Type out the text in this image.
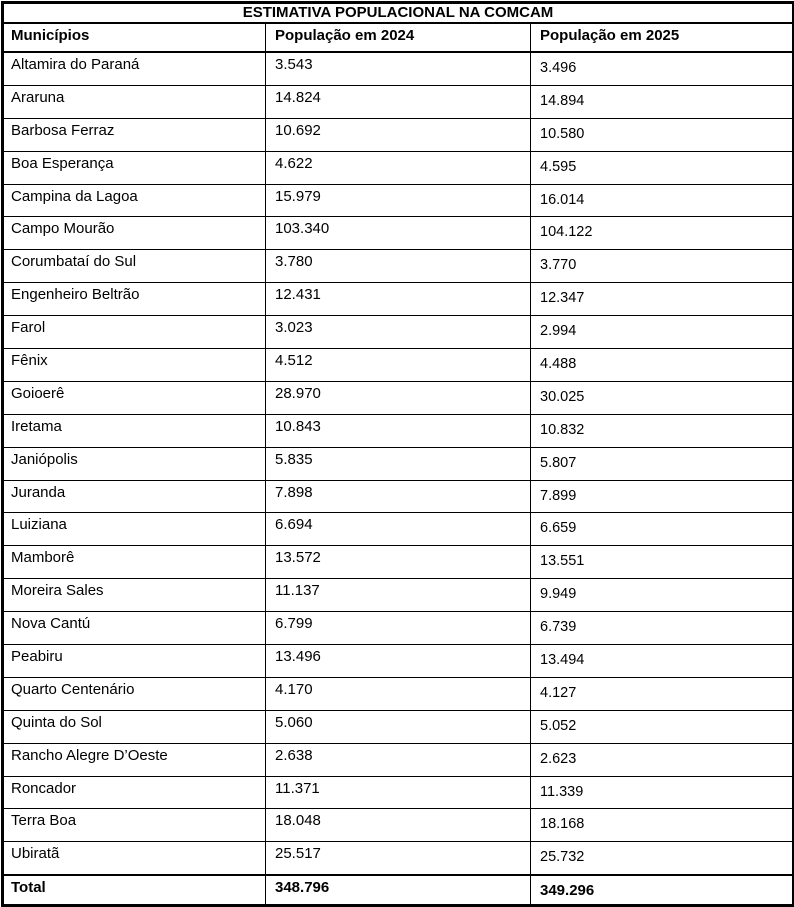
ESTIMATIVA POPULACIONAL NA COMCAM		
Municípios	População em 2024	População em 2025
Altamira do Paraná	3.543	3.496
Araruna	14.824	14.894
Barbosa Ferraz	10.692	10.580
Boa Esperança	4.622	4.595
Campina da Lagoa	15.979	16.014
Campo Mourão	103.340	104.122
Corumbataí do Sul	3.780	3.770
Engenheiro Beltrão	12.431	12.347
Farol	3.023	2.994
Fênix	4.512	4.488
Goioerê	28.970	30.025
Iretama	10.843	10.832
Janiópolis	5.835	5.807
Juranda	7.898	7.899
Luiziana	6.694	6.659
Mamborê	13.572	13.551
Moreira Sales	11.137	9.949
Nova Cantú	6.799	6.739
Peabiru	13.496	13.494
Quarto Centenário	4.170	4.127
Quinta do Sol	5.060	5.052
Rancho Alegre D’Oeste	2.638	2.623
Roncador	11.371	11.339
Terra Boa	18.048	18.168
Ubiratã	25.517	25.732
Total	348.796	349.296
